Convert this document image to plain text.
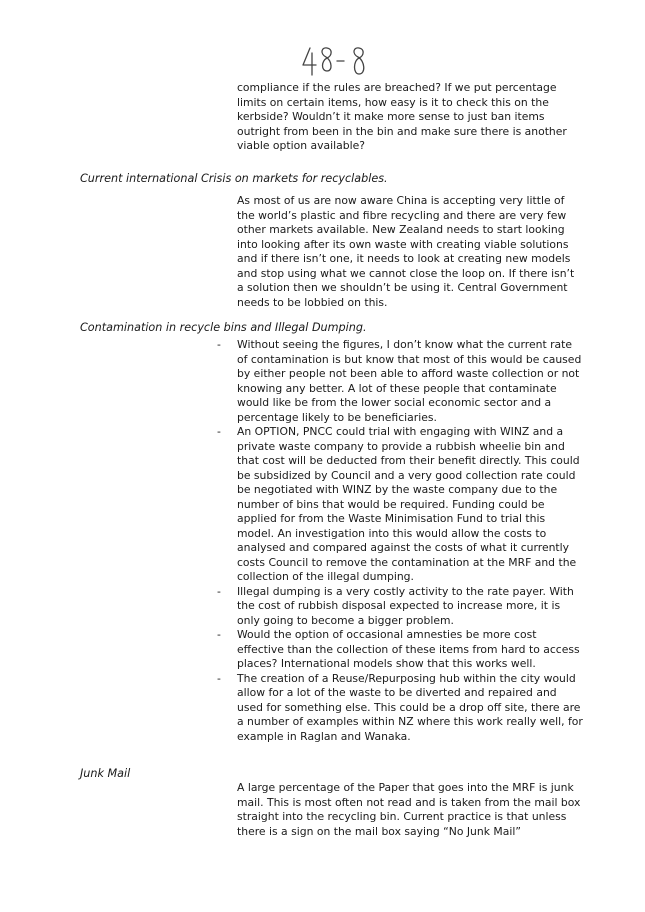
compliance if the rules are breached? If we put percentage limits on certain items, how easy is it to check this on the kerbside? Wouldn’t it make more sense to just ban items outright from been in the bin and make sure there is another viable option available?

Current international Crisis on markets for recyclables.

As most of us are now aware China is accepting very little of the world’s plastic and fibre recycling and there are very few other markets available. New Zealand needs to start looking into looking after its own waste with creating viable solutions and if there isn’t one, it needs to look at creating new models and stop using what we cannot close the loop on. If there isn’t a solution then we shouldn’t be using it. Central Government needs to be lobbied on this.

Contamination in recycle bins and Illegal Dumping.

-	Without seeing the figures, I don’t know what the current rate of contamination is but know that most of this would be caused by either people not been able to afford waste collection or not knowing any better. A lot of these people that contaminate would like be from the lower social economic sector and a percentage likely to be beneficiaries.
-	An OPTION, PNCC could trial with engaging with WINZ and a private waste company to provide a rubbish wheelie bin and that cost will be deducted from their benefit directly. This could be subsidized by Council and a very good collection rate could be negotiated with WINZ by the waste company due to the number of bins that would be required. Funding could be applied for from the Waste Minimisation Fund to trial this model. An investigation into this would allow the costs to analysed and compared against the costs of what it currently costs Council to remove the contamination at the MRF and the collection of the illegal dumping.
-	Illegal dumping is a very costly activity to the rate payer. With the cost of rubbish disposal expected to increase more, it is only going to become a bigger problem.
-	Would the option of occasional amnesties be more cost effective than the collection of these items from hard to access places? International models show that this works well.
-	The creation of a Reuse/Repurposing hub within the city would allow for a lot of the waste to be diverted and repaired and used for something else. This could be a drop off site, there are a number of examples within NZ where this work really well, for example in Raglan and Wanaka.

Junk Mail

A large percentage of the Paper that goes into the MRF is junk mail. This is most often not read and is taken from the mail box straight into the recycling bin. Current practice is that unless there is a sign on the mail box saying “No Junk Mail”
